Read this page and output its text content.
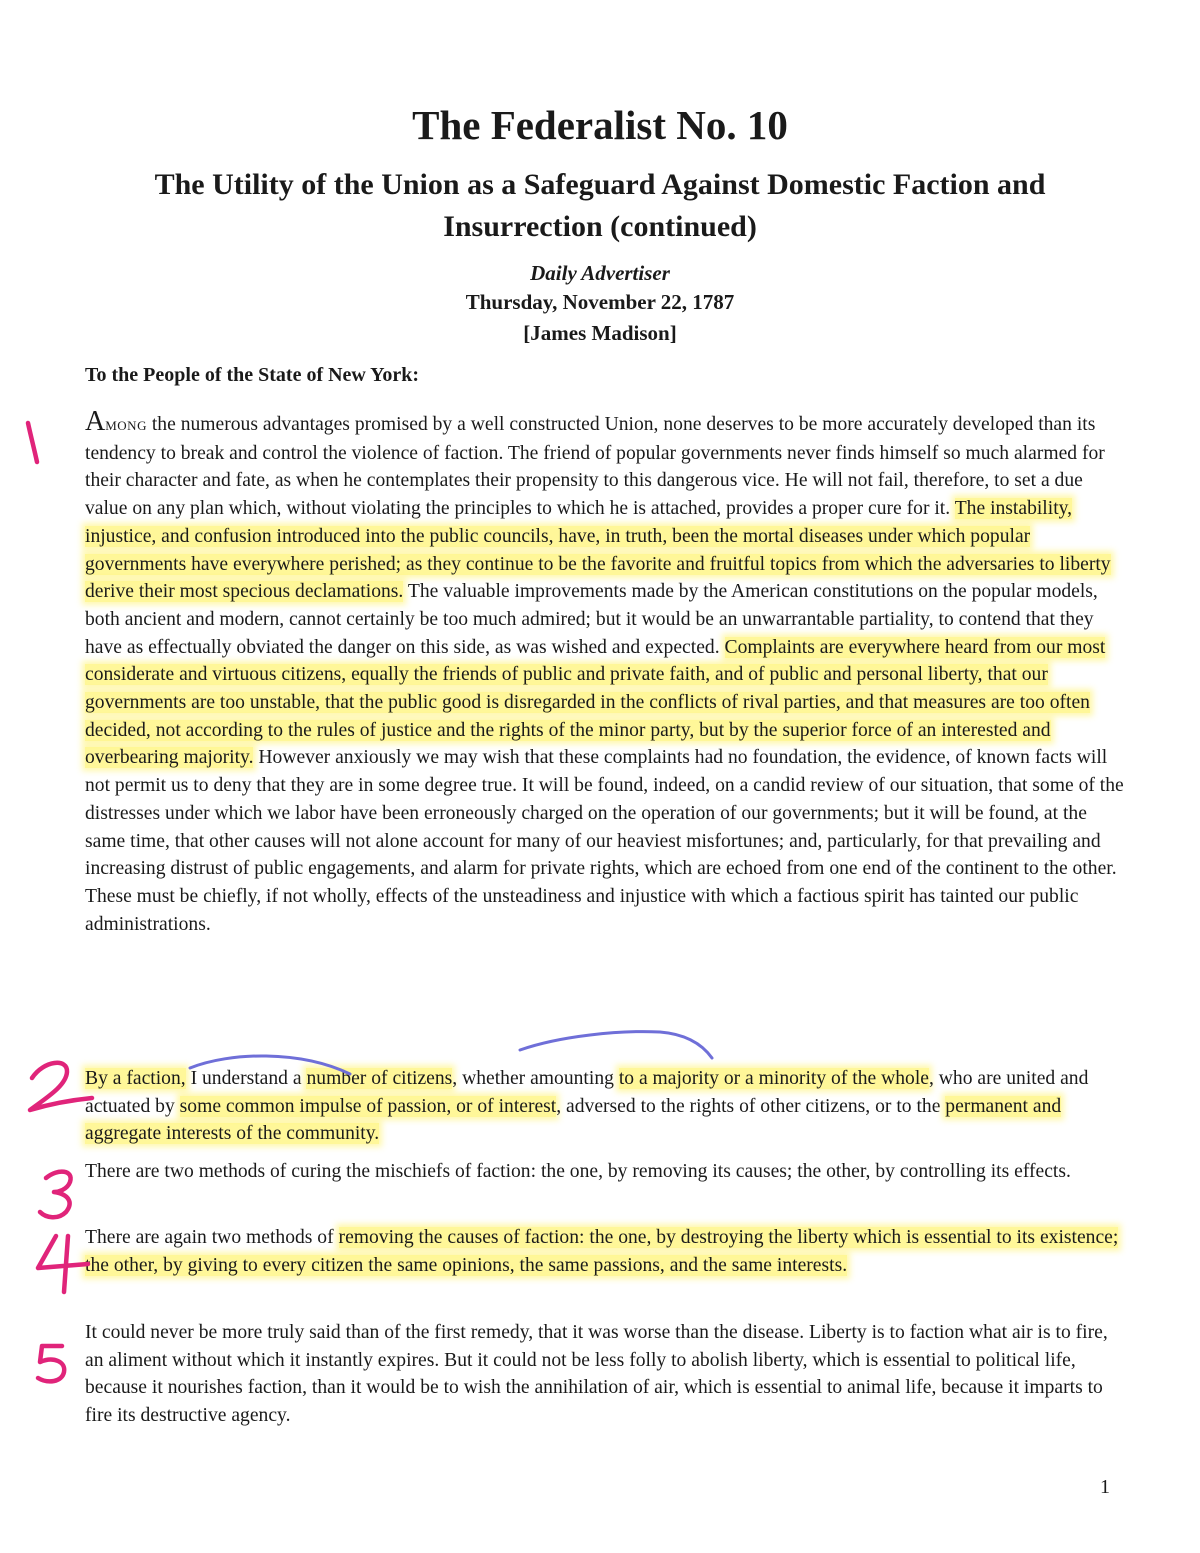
The Federalist No. 10
The Utility of the Union as a Safeguard Against Domestic Faction and Insurrection (continued)
Daily Advertiser
Thursday, November 22, 1787
[James Madison]
To the People of the State of New York:

AMONG the numerous advantages promised by a well constructed Union, none deserves to be more accurately developed than its tendency to break and control the violence of faction. The friend of popular governments never finds himself so much alarmed for their character and fate, as when he contemplates their propensity to this dangerous vice. He will not fail, therefore, to set a due value on any plan which, without violating the principles to which he is attached, provides a proper cure for it. The instability, injustice, and confusion introduced into the public councils, have, in truth, been the mortal diseases under which popular governments have everywhere perished; as they continue to be the favorite and fruitful topics from which the adversaries to liberty derive their most specious declamations. The valuable improvements made by the American constitutions on the popular models, both ancient and modern, cannot certainly be too much admired; but it would be an unwarrantable partiality, to contend that they have as effectually obviated the danger on this side, as was wished and expected. Complaints are everywhere heard from our most considerate and virtuous citizens, equally the friends of public and private faith, and of public and personal liberty, that our governments are too unstable, that the public good is disregarded in the conflicts of rival parties, and that measures are too often decided, not according to the rules of justice and the rights of the minor party, but by the superior force of an interested and overbearing majority. However anxiously we may wish that these complaints had no foundation, the evidence, of known facts will not permit us to deny that they are in some degree true. It will be found, indeed, on a candid review of our situation, that some of the distresses under which we labor have been erroneously charged on the operation of our governments; but it will be found, at the same time, that other causes will not alone account for many of our heaviest misfortunes; and, particularly, for that prevailing and increasing distrust of public engagements, and alarm for private rights, which are echoed from one end of the continent to the other. These must be chiefly, if not wholly, effects of the unsteadiness and injustice with which a factious spirit has tainted our public administrations.

By a faction, I understand a number of citizens, whether amounting to a majority or a minority of the whole, who are united and actuated by some common impulse of passion, or of interest, adversed to the rights of other citizens, or to the permanent and aggregate interests of the community.

There are two methods of curing the mischiefs of faction: the one, by removing its causes; the other, by controlling its effects.

There are again two methods of removing the causes of faction: the one, by destroying the liberty which is essential to its existence; the other, by giving to every citizen the same opinions, the same passions, and the same interests.

It could never be more truly said than of the first remedy, that it was worse than the disease. Liberty is to faction what air is to fire, an aliment without which it instantly expires. But it could not be less folly to abolish liberty, which is essential to political life, because it nourishes faction, than it would be to wish the annihilation of air, which is essential to animal life, because it imparts to fire its destructive agency.

1
